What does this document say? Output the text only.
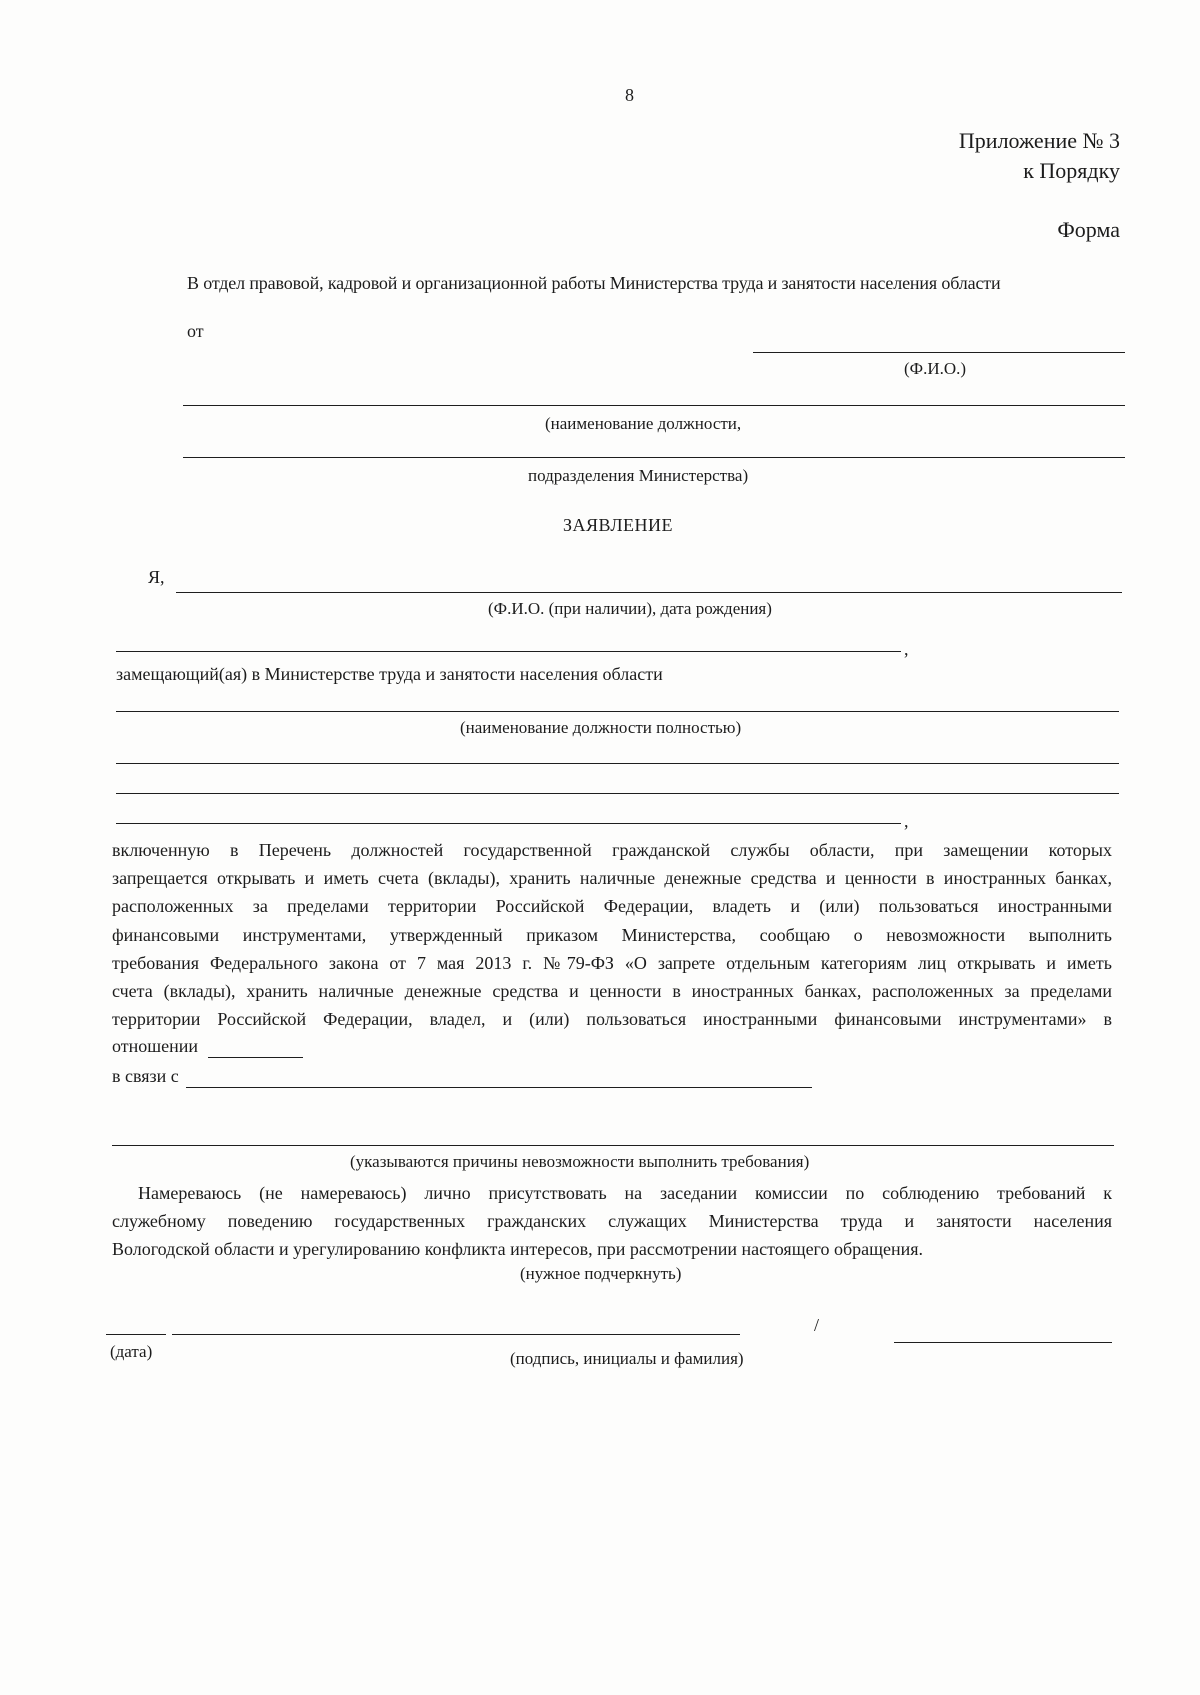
8
Приложение № 3
к Порядку
Форма
В отдел правовой, кадровой и организационной работы Министерства труда и занятости населения области
от
(Ф.И.О.)
(наименование должности,
подразделения Министерства)
ЗАЯВЛЕНИЕ
Я,
(Ф.И.О. (при наличии), дата рождения)
,
замещающий(ая) в Министерстве труда и занятости населения области
(наименование должности полностью)
,
включенную в Перечень должностей государственной гражданской службы области, при замещении которых
запрещается открывать и иметь счета (вклады), хранить наличные денежные средства и ценности в иностранных банках,
расположенных за пределами территории Российской Федерации, владеть и (или) пользоваться иностранными
финансовыми инструментами, утвержденный приказом Министерства, сообщаю о невозможности выполнить
требования Федерального закона от 7 мая 2013 г. №79-ФЗ «О запрете отдельным категориям лиц открывать и иметь
счета (вклады), хранить наличные денежные средства и ценности в иностранных банках, расположенных за пределами
территории Российской Федерации, владел, и (или) пользоваться иностранными финансовыми инструментами» в
отношении
в связи с
(указываются причины невозможности выполнить требования)
Намереваюсь (не намереваюсь) лично присутствовать на заседании комиссии по соблюдению требований к
служебному поведению государственных гражданских служащих Министерства труда и занятости населения
Вологодской области и урегулированию конфликта интересов, при рассмотрении настоящего обращения.
(нужное подчеркнуть)
/
(дата)	(подпись, инициалы и фамилия)
